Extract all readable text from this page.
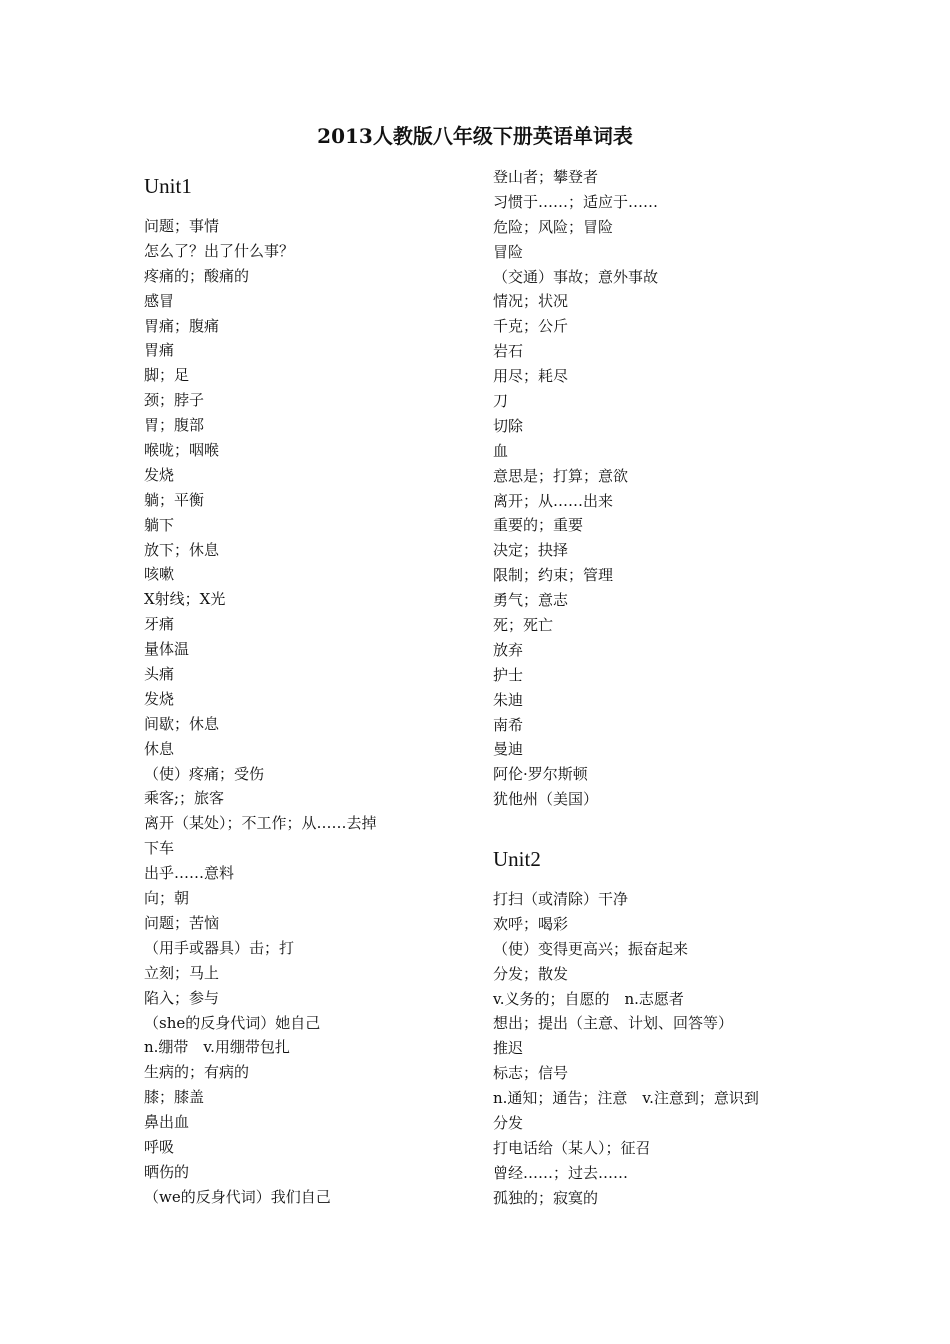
2013人教版八年级下册英语单词表
Unit1
问题；事情
怎么了？出了什么事？
疼痛的；酸痛的
感冒
胃痛；腹痛
胃痛
脚；足
颈；脖子
胃；腹部
喉咙；咽喉
发烧
躺；平衡
躺下
放下；休息
咳嗽
X射线；X光
牙痛
量体温
头痛
发烧
间歇；休息
休息
（使）疼痛；受伤
乘客;；旅客
离开（某处）；不工作；从……去掉
下车
出乎……意料
向；朝
问题；苦恼
（用手或器具）击；打
立刻；马上
陷入；参与
（she的反身代词）她自己
n.绷带　v.用绷带包扎
生病的；有病的
膝；膝盖
鼻出血
呼吸
晒伤的
（we的反身代词）我们自己
登山者；攀登者
习惯于……；适应于……
危险；风险；冒险
冒险
（交通）事故；意外事故
情况；状况
千克；公斤
岩石
用尽；耗尽
刀
切除
血
意思是；打算；意欲
离开；从……出来
重要的；重要
决定；抉择
限制；约束；管理
勇气；意志
死；死亡
放弃
护士
朱迪
南希
曼迪
阿伦·罗尔斯顿
犹他州（美国）
Unit2
打扫（或清除）干净
欢呼；喝彩
（使）变得更高兴；振奋起来
分发；散发
v.义务的；自愿的　n.志愿者
想出；提出（主意、计划、回答等）
推迟
标志；信号
n.通知；通告；注意　v.注意到；意识到
分发
打电话给（某人）；征召
曾经……；过去……
孤独的；寂寞的
